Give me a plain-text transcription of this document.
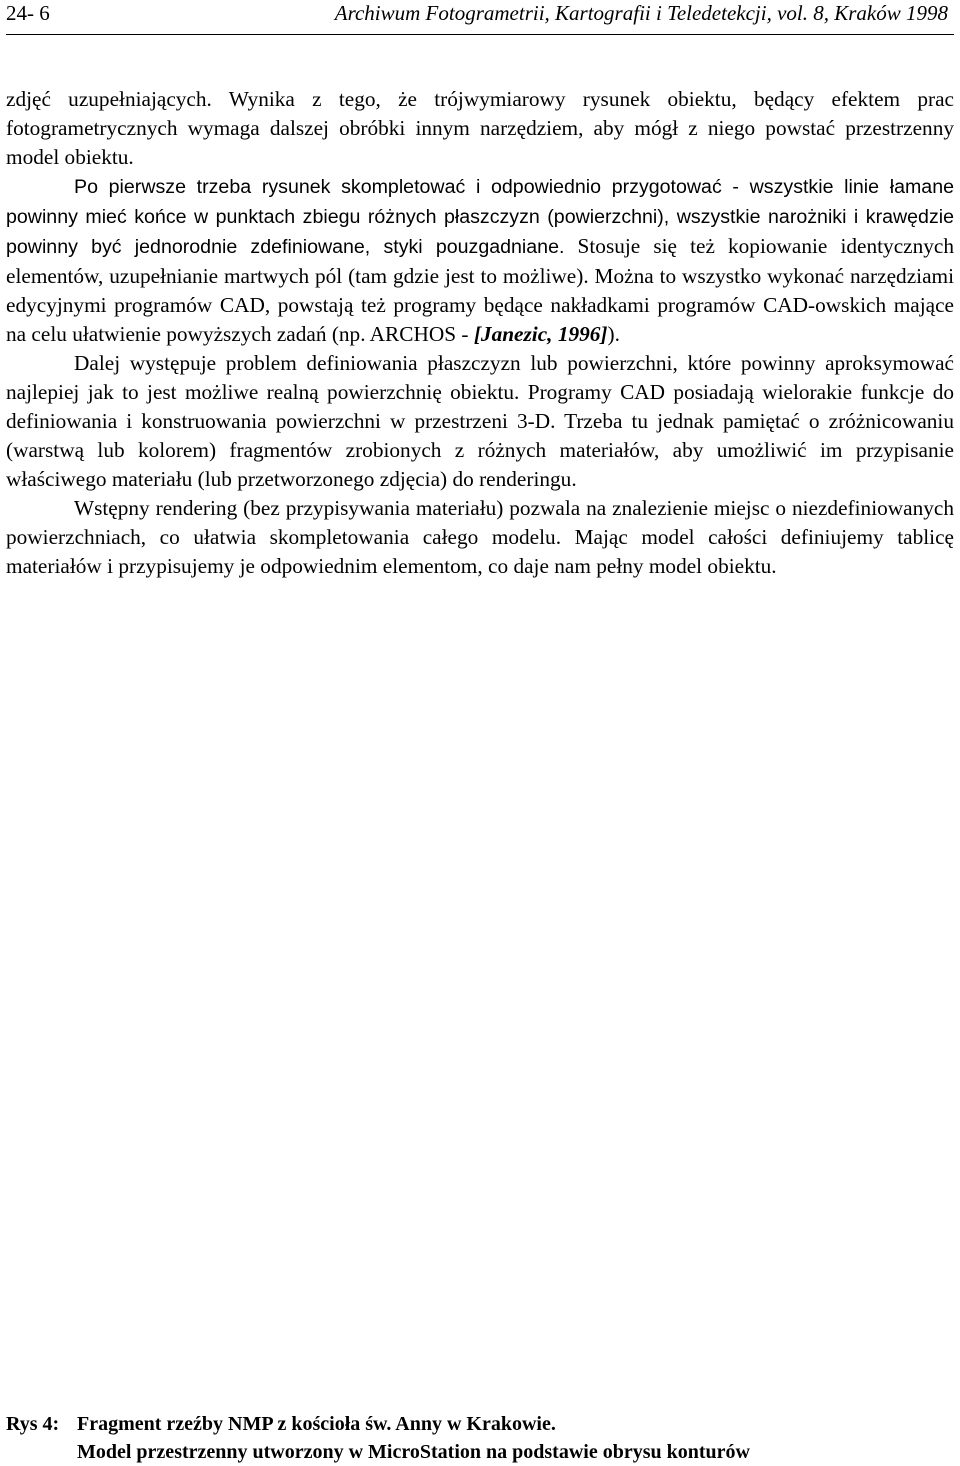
24- 6	Archiwum Fotogrametrii, Kartografii i Teledetekcji, vol. 8, Kraków 1998

zdjęć uzupełniających. Wynika z tego, że trójwymiarowy rysunek obiektu, będący efektem prac fotogrametrycznych wymaga dalszej obróbki innym narzędziem, aby mógł z niego powstać przestrzenny model obiektu.

Po pierwsze trzeba rysunek skompletować i odpowiednio przygotować - wszystkie linie łamane powinny mieć końce w punktach zbiegu różnych płaszczyzn (powierzchni), wszystkie narożniki i krawędzie powinny być jednorodnie zdefiniowane, styki pouzgadniane. Stosuje się też kopiowanie identycznych elementów, uzupełnianie martwych pól (tam gdzie jest to możliwe). Można to wszystko wykonać narzędziami edycyjnymi programów CAD, powstają też programy będące nakładkami programów CAD-owskich mające na celu ułatwienie powyższych zadań (np. ARCHOS - [Janezic, 1996]).

Dalej występuje problem definiowania płaszczyzn lub powierzchni, które powinny aproksymować najlepiej jak to jest możliwe realną powierzchnię obiektu. Programy CAD posiadają wielorakie funkcje do definiowania i konstruowania powierzchni w przestrzeni 3-D. Trzeba tu jednak pamiętać o zróżnicowaniu (warstwą lub kolorem) fragmentów zrobionych z różnych materiałów, aby umożliwić im przypisanie właściwego materiału (lub przetworzonego zdjęcia) do renderingu.

Wstępny rendering (bez przypisywania materiału) pozwala na znalezienie miejsc o niezdefiniowanych powierzchniach, co ułatwia skompletowania całego modelu. Mając model całości definiujemy tablicę materiałów i przypisujemy je odpowiednim elementom, co daje nam pełny model obiektu.

Rys 4: Fragment rzeźby NMP z kościoła św. Anny w Krakowie.
Model przestrzenny utworzony w MicroStation na podstawie obrysu konturów
